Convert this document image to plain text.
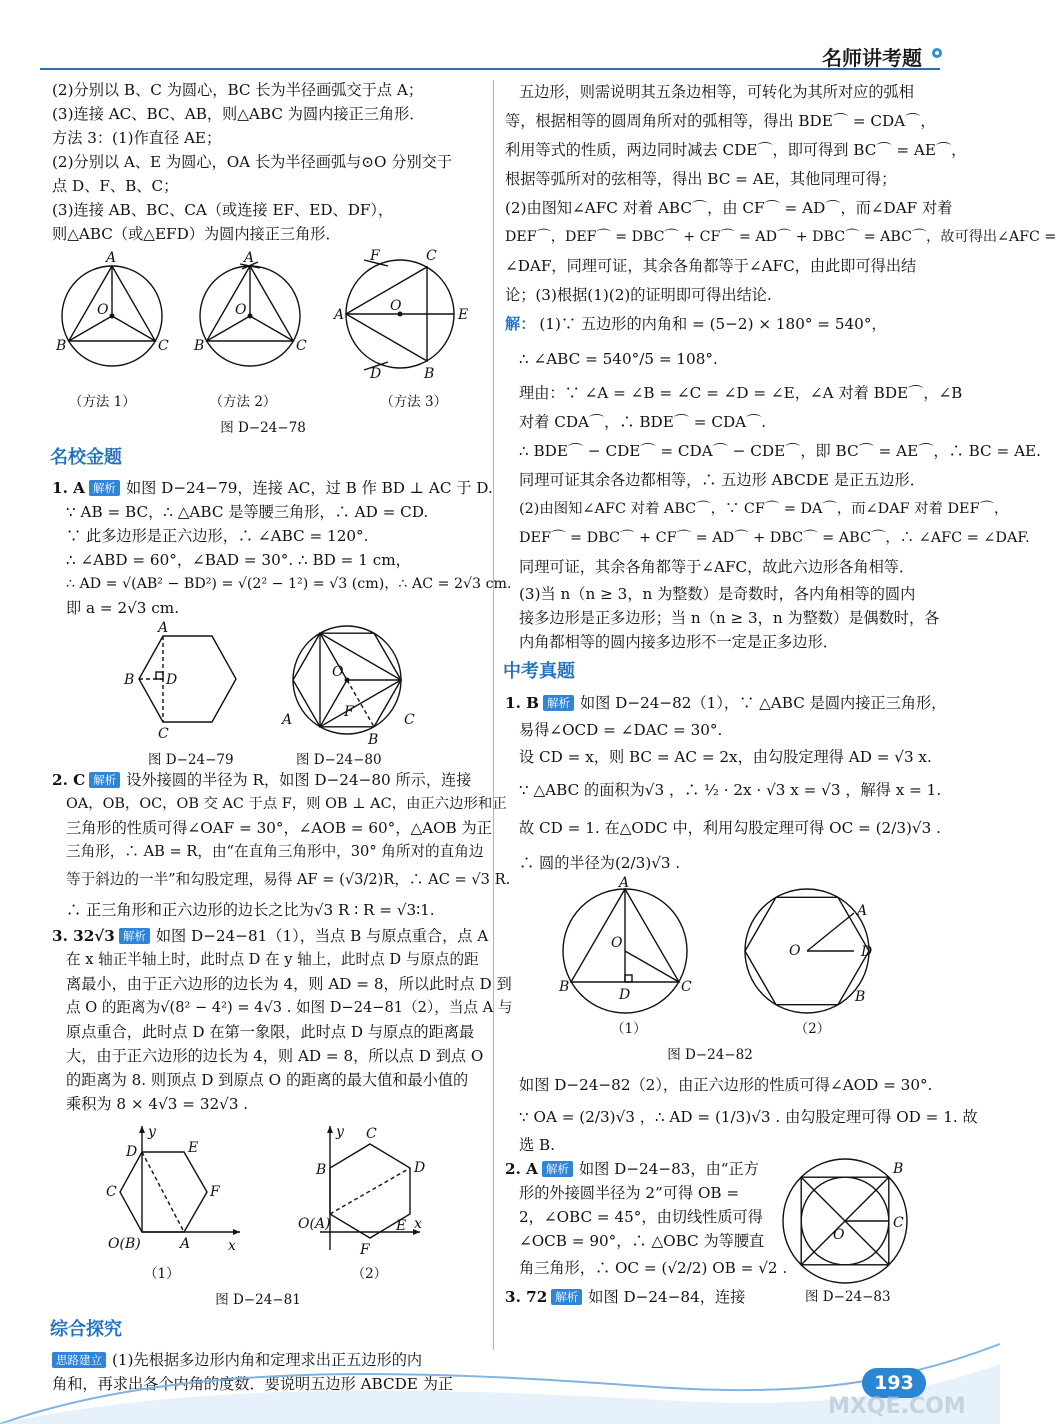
名师讲考题
(2)分别以 B、C 为圆心，BC 长为半径画弧交于点 A；
(3)连接 AC、BC、AB，则△ABC 为圆内接正三角形．
方法 3：(1)作直径 AE；
(2)分别以 A、E 为圆心，OA 长为半径画弧与⊙O 分别交于
点 D、F、B、C；
(3)连接 AB、BC、CA（或连接 EF、ED、DF），
则△ABC（或△EFD）为圆内接正三角形．
A
B	C
O
A
B	C
O
F	C
A	E
O
D	B
（方法 1）	（方法 2）	（方法 3）
图 D−24−78
名校金题
1. A 解析 如图 D−24−79，连接 AC，过 B 作 BD ⊥ AC 于 D.
∵ AB = BC，∴ △ABC 是等腰三角形，∴ AD = CD.
∵ 此多边形是正六边形，∴ ∠ABC = 120°.
∴ ∠ABD = 60°，∠BAD = 30°. ∴ BD = 1 cm，
∴ AD = √(AB² − BD²) = √(2² − 1²) = √3 (cm)，∴ AC = 2√3 cm.
即 a = 2√3 cm.
A
B D
C
O
A	C
F
B
图 D−24−79	图 D−24−80
2. C 解析 设外接圆的半径为 R，如图 D−24−80 所示，连接
OA，OB，OC，OB 交 AC 于点 F，则 OB ⊥ AC，由正六边形和正
三角形的性质可得∠OAF = 30°，∠AOB = 60°，△AOB 为正
三角形，∴ AB = R，由“在直角三角形中，30° 角所对的直角边
等于斜边的一半”和勾股定理，易得 AF = (√3/2)R，∴ AC = √3 R.
∴ 正三角形和正六边形的边长之比为√3 R ∶ R = √3∶1.
3. 32√3 解析 如图 D−24−81（1），当点 B 与原点重合，点 A
在 x 轴正半轴上时，此时点 D 在 y 轴上，此时点 D 与原点的距
离最小，由于正六边形的边长为 4，则 AD = 8，所以此时点 D 到
点 O 的距离为√(8² − 4²) = 4√3 . 如图 D−24−81（2），当点 A 与
原点重合，此时点 D 在第一象限，此时点 D 与原点的距离最
大，由于正六边形的边长为 4，则 AD = 8，所以点 D 到点 O
的距离为 8. 则顶点 D 到原点 O 的距离的最大值和最小值的
乘积为 8 × 4√3 = 32√3 .
y
D	E
C	F
O(B)	A	x
y C
B	D
O(A)	E x
F
（1）	（2）
图 D−24−81
综合探究
思路建立 (1)先根据多边形内角和定理求出正五边形的内
角和，再求出各个内角的度数．要说明五边形 ABCDE 为正
五边形，则需说明其五条边相等，可转化为其所对应的弧相
等，根据相等的圆周角所对的弧相等，得出 BDE⌒ = CDA⌒，
利用等式的性质，两边同时减去 CDE⌒，即可得到 BC⌒ = AE⌒，
根据等弧所对的弦相等，得出 BC = AE，其他同理可得；
(2)由图知∠AFC 对着 ABC⌒，由 CF⌒ = AD⌒，而∠DAF 对着
DEF⌒，DEF⌒ = DBC⌒ + CF⌒ = AD⌒ + DBC⌒ = ABC⌒，故可得出∠AFC =
∠DAF，同理可证，其余各角都等于∠AFC，由此即可得出结
论；(3)根据(1)(2)的证明即可得出结论.
解： (1)∵ 五边形的内角和 = (5−2) × 180° = 540°，
∴ ∠ABC = 540°/5 = 108°.
理由：∵ ∠A = ∠B = ∠C = ∠D = ∠E，∠A 对着 BDE⌒，∠B
对着 CDA⌒，∴ BDE⌒ = CDA⌒.
∴ BDE⌒ − CDE⌒ = CDA⌒ − CDE⌒，即 BC⌒ = AE⌒，∴ BC = AE.
同理可证其余各边都相等，∴ 五边形 ABCDE 是正五边形．
(2)由图知∠AFC 对着 ABC⌒，∵ CF⌒ = DA⌒，而∠DAF 对着 DEF⌒，
DEF⌒ = DBC⌒ + CF⌒ = AD⌒ + DBC⌒ = ABC⌒，∴ ∠AFC = ∠DAF.
同理可证，其余各角都等于∠AFC，故此六边形各角相等．
(3)当 n（n ≥ 3，n 为整数）是奇数时，各内角相等的圆内
接多边形是正多边形；当 n（n ≥ 3，n 为整数）是偶数时，各
内角都相等的圆内接多边形不一定是正多边形．
中考真题
1. B 解析 如图 D−24−82（1），∵ △ABC 是圆内接正三角形，
易得∠OCD = ∠DAC = 30°.
设 CD = x，则 BC = AC = 2x，由勾股定理得 AD = √3 x.
∵ △ABC 的面积为√3 ，∴ ½ · 2x · √3 x = √3 ，解得 x = 1.
故 CD = 1. 在△ODC 中，利用勾股定理可得 OC = (2/3)√3 .
∴ 圆的半径为(2/3)√3 .
A
O
B	D	C
O
A
D
B
（1）	（2）
图 D−24−82
如图 D−24−82（2），由正六边形的性质可得∠AOD = 30°.
∵ OA = (2/3)√3 ，∴ AD = (1/3)√3 . 由勾股定理可得 OD = 1. 故
选 B.
2. A 解析 如图 D−24−83，由“正方
形的外接圆半径为 2”可得 OB =
2，∠OBC = 45°，由切线性质可得
∠OCB = 90°，∴ △OBC 为等腰直
角三角形，∴ OC = (√2/2) OB = √2 .
B
C
O
3. 72 解析 如图 D−24−84，连接	图 D−24−83
193
MXQE.COM
